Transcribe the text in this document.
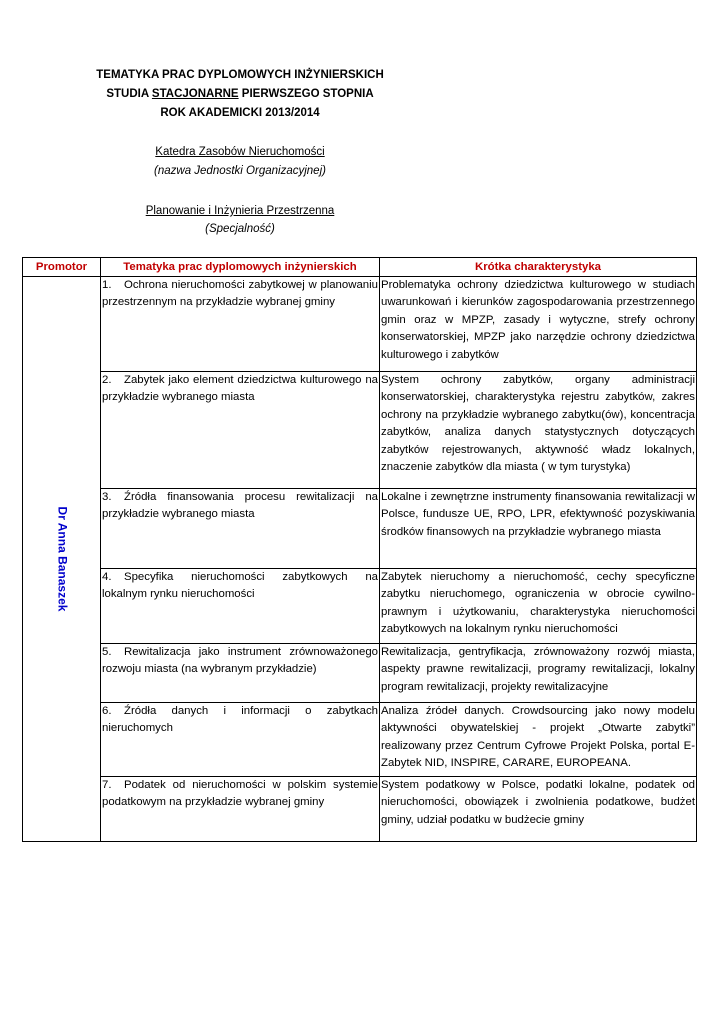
TEMATYKA PRAC DYPLOMOWYCH INŻYNIERSKICH
STUDIA STACJONARNE PIERWSZEGO STOPNIA
ROK AKADEMICKI 2013/2014
Katedra Zasobów Nieruchomości
(nazwa Jednostki Organizacyjnej)
Planowanie i Inżynieria Przestrzenna
(Specjalność)
Promotor	Tematyka prac dyplomowych inżynierskich	Krótka charakterystyka

Dr Anna Banaszek	1. Ochrona nieruchomości zabytkowej w planowaniu przestrzennym na przykładzie wybranej gminy	Problematyka ochrony dziedzictwa kulturowego w studiach uwarunkowań i kierunków zagospodarowania przestrzennego gmin oraz w MPZP, zasady i wytyczne, strefy ochrony konserwatorskiej, MPZP jako narzędzie ochrony dziedzictwa kulturowego i zabytków
	2. Zabytek jako element dziedzictwa kulturowego na przykładzie wybranego miasta	System ochrony zabytków, organy administracji konserwatorskiej, charakterystyka rejestru zabytków, zakres ochrony na przykładzie wybranego zabytku(ów), koncentracja zabytków, analiza danych statystycznych dotyczących zabytków rejestrowanych, aktywność władz lokalnych, znaczenie zabytków dla miasta ( w tym turystyka)
	3. Źródła finansowania procesu rewitalizacji na przykładzie wybranego miasta	Lokalne i zewnętrzne instrumenty finansowania rewitalizacji w Polsce, fundusze UE, RPO, LPR, efektywność pozyskiwania środków finansowych na przykładzie wybranego miasta
	4. Specyfika nieruchomości zabytkowych na lokalnym rynku nieruchomości	Zabytek nieruchomy a nieruchomość, cechy specyficzne zabytku nieruchomego, ograniczenia w obrocie cywilno-prawnym i użytkowaniu, charakterystyka nieruchomości zabytkowych na lokalnym rynku nieruchomości
	5. Rewitalizacja jako instrument zrównoważonego rozwoju miasta (na wybranym przykładzie)	Rewitalizacja, gentryfikacja, zrównoważony rozwój miasta, aspekty prawne rewitalizacji, programy rewitalizacji, lokalny program rewitalizacji, projekty rewitalizacyjne
	6. Źródła danych i informacji o zabytkach nieruchomych	Analiza źródeł danych. Crowdsourcing jako nowy modelu aktywności obywatelskiej - projekt „Otwarte zabytki” realizowany przez Centrum Cyfrowe Projekt Polska, portal E-Zabytek NID, INSPIRE, CARARE, EUROPEANA.
	7. Podatek od nieruchomości w polskim systemie podatkowym na przykładzie wybranej gminy	System podatkowy w Polsce, podatki lokalne, podatek od nieruchomości, obowiązek i zwolnienia podatkowe, budżet gminy, udział podatku w budżecie gminy
